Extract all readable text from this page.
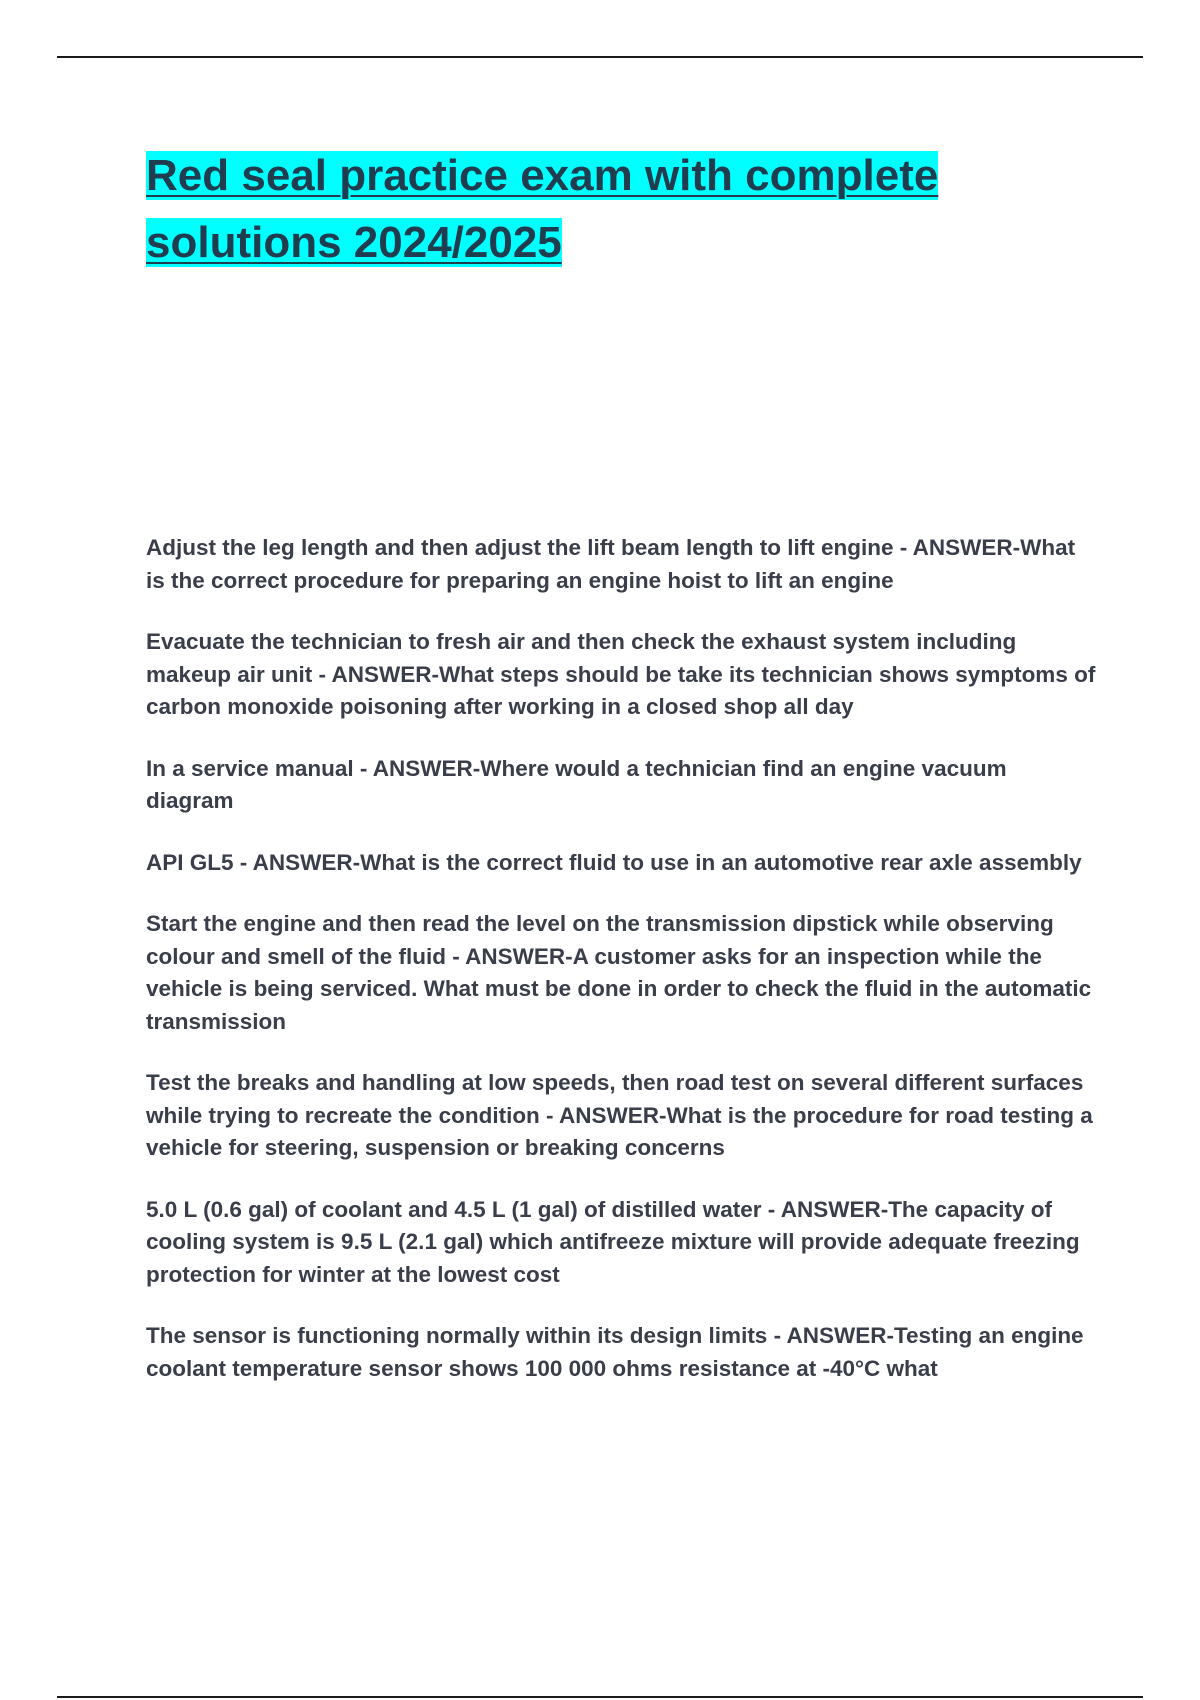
Red seal practice exam with complete
solutions 2024/2025

Adjust the leg length and then adjust the lift beam length to lift engine - ANSWER-What is the correct procedure for preparing an engine hoist to lift an engine

Evacuate the technician to fresh air and then check the exhaust system including makeup air unit - ANSWER-What steps should be take its technician shows symptoms of carbon monoxide poisoning after working in a closed shop all day

In a service manual - ANSWER-Where would a technician find an engine vacuum diagram

API GL5 - ANSWER-What is the correct fluid to use in an automotive rear axle assembly

Start the engine and then read the level on the transmission dipstick while observing colour and smell of the fluid - ANSWER-A customer asks for an inspection while the vehicle is being serviced. What must be done in order to check the fluid in the automatic transmission

Test the breaks and handling at low speeds, then road test on several different surfaces while trying to recreate the condition - ANSWER-What is the procedure for road testing a vehicle for steering, suspension or breaking concerns

5.0 L (0.6 gal) of coolant and 4.5 L (1 gal) of distilled water - ANSWER-The capacity of cooling system is 9.5 L (2.1 gal) which antifreeze mixture will provide adequate freezing protection for winter at the lowest cost

The sensor is functioning normally within its design limits - ANSWER-Testing an engine coolant temperature sensor shows 100 000 ohms resistance at -40°C what
